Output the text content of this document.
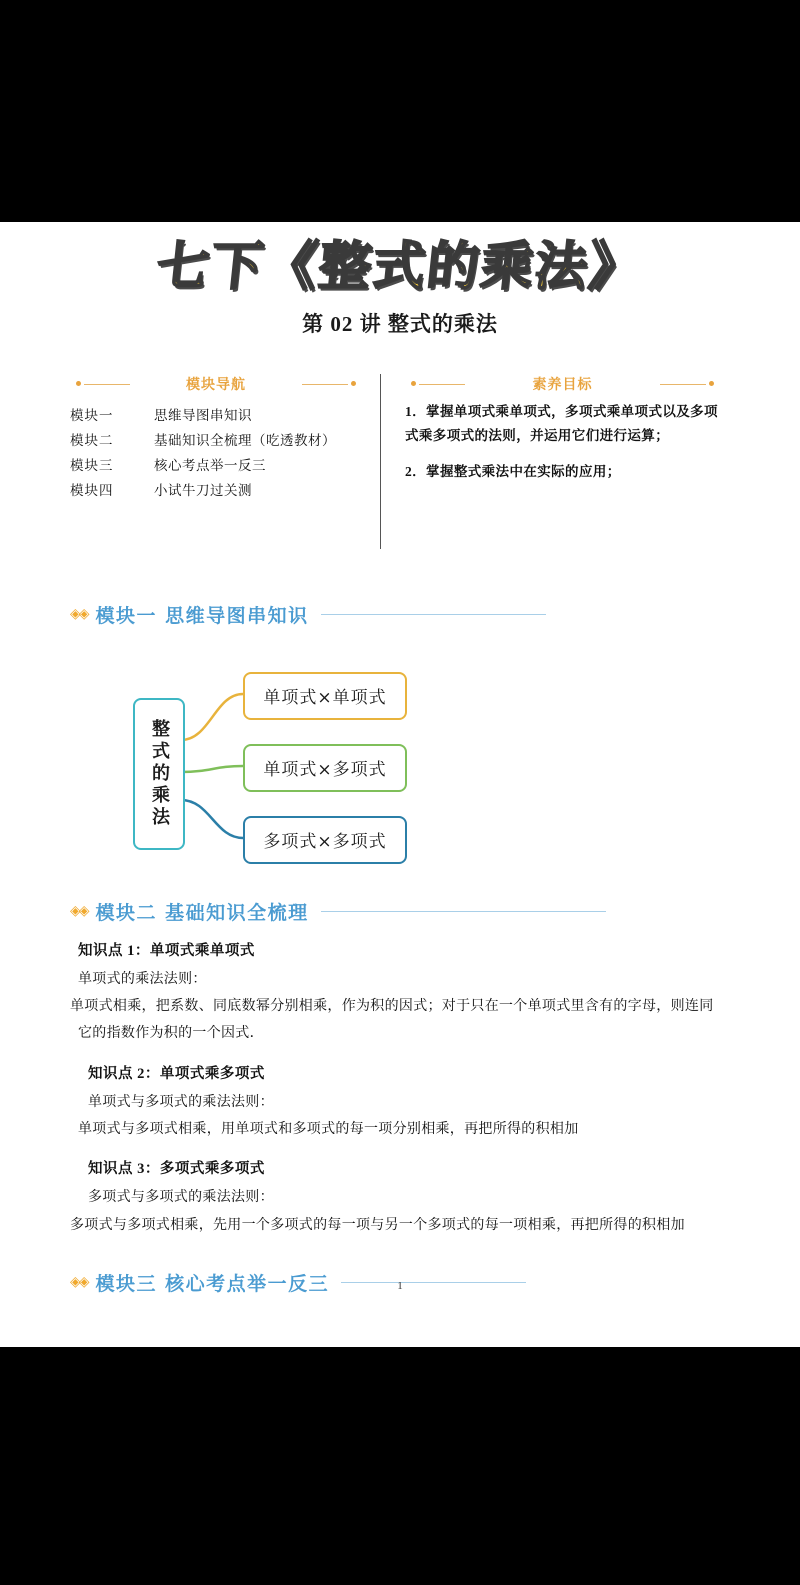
七下《整式的乘法》
第 02 讲 整式的乘法
模块导航
模块一	思维导图串知识
模块二	基础知识全梳理（吃透教材）
模块三	核心考点举一反三
模块四	小试牛刀过关测
素养目标
1．掌握单项式乘单项式，多项式乘单项式以及多项式乘多项式的法则，并运用它们进行运算；
2．掌握整式乘法中在实际的应用；
◈◈ 模块一 思维导图串知识
整式的乘法
单项式×单项式
单项式×多项式
多项式×多项式
◈◈ 模块二 基础知识全梳理
知识点 1：单项式乘单项式
单项式的乘法法则：
单项式相乘，把系数、同底数幂分别相乘，作为积的因式；对于只在一个单项式里含有的字母，则连同
它的指数作为积的一个因式．
知识点 2：单项式乘多项式
单项式与多项式的乘法法则：
单项式与多项式相乘，用单项式和多项式的每一项分别相乘，再把所得的积相加
知识点 3：多项式乘多项式
多项式与多项式的乘法法则：
多项式与多项式相乘，先用一个多项式的每一项与另一个多项式的每一项相乘，再把所得的积相加
◈◈ 模块三 核心考点举一反三	1
